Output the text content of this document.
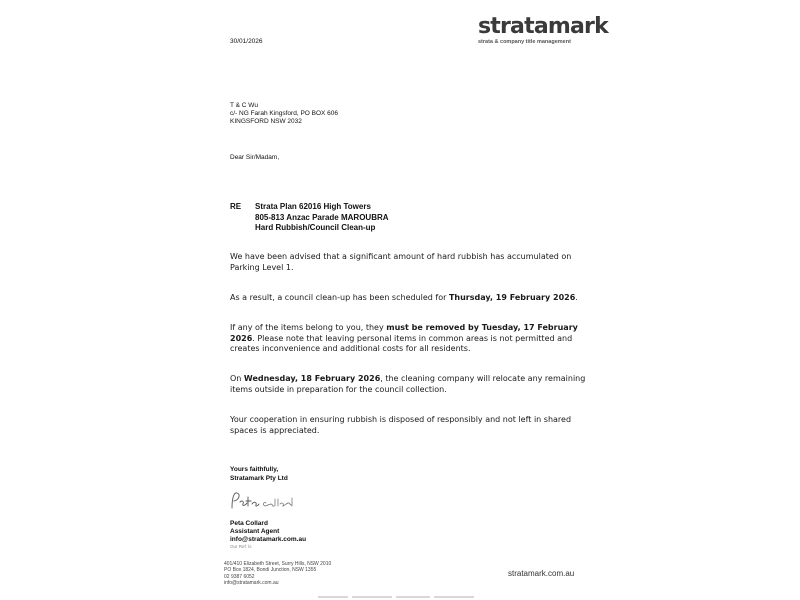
stratamark
strata & company title management
30/01/2026
T & C Wu
c/- NG Farah Kingsford, PO BOX 606
KINGSFORD NSW 2032
Dear Sir/Madam,
RE Strata Plan 62016 High Towers
805-813 Anzac Parade MAROUBRA
Hard Rubbish/Council Clean-up
We have been advised that a significant amount of hard rubbish has accumulated on Parking Level 1.
As a result, a council clean-up has been scheduled for Thursday, 19 February 2026.
If any of the items belong to you, they must be removed by Tuesday, 17 February 2026. Please note that leaving personal items in common areas is not permitted and creates inconvenience and additional costs for all residents.
On Wednesday, 18 February 2026, the cleaning company will relocate any remaining items outside in preparation for the council collection.
Your cooperation in ensuring rubbish is disposed of responsibly and not left in shared spaces is appreciated.
Yours faithfully,
Stratamark Pty Ltd
Peta Collard
Assistant Agent
info@stratamark.com.au
Our Ref: ls
401/410 Elizabeth Street, Surry Hills, NSW 2010
PO Box 1824, Bondi Junction, NSW 1355
02 9387 6052
info@stratamark.com.au
stratamark.com.au
